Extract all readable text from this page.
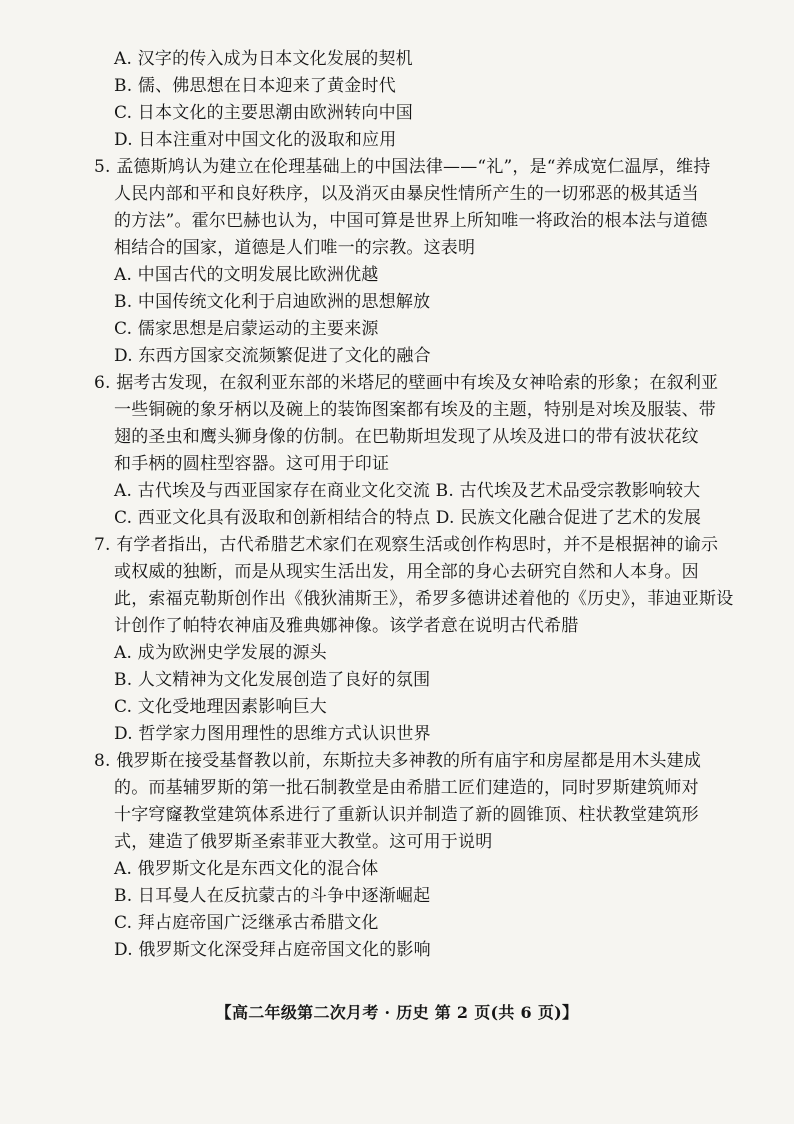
A. 汉字的传入成为日本文化发展的契机
B. 儒、佛思想在日本迎来了黄金时代
C. 日本文化的主要思潮由欧洲转向中国
D. 日本注重对中国文化的汲取和应用
5. 孟德斯鸠认为建立在伦理基础上的中国法律——“礼”，是“养成宽仁温厚，维持
人民内部和平和良好秩序，以及消灭由暴戾性情所产生的一切邪恶的极其适当
的方法”。霍尔巴赫也认为，中国可算是世界上所知唯一将政治的根本法与道德
相结合的国家，道德是人们唯一的宗教。这表明
A. 中国古代的文明发展比欧洲优越
B. 中国传统文化利于启迪欧洲的思想解放
C. 儒家思想是启蒙运动的主要来源
D. 东西方国家交流频繁促进了文化的融合
6. 据考古发现，在叙利亚东部的米塔尼的壁画中有埃及女神哈索的形象；在叙利亚
一些铜碗的象牙柄以及碗上的装饰图案都有埃及的主题，特别是对埃及服装、带
翅的圣虫和鹰头狮身像的仿制。在巴勒斯坦发现了从埃及进口的带有波状花纹
和手柄的圆柱型容器。这可用于印证
A. 古代埃及与西亚国家存在商业文化交流 B. 古代埃及艺术品受宗教影响较大
C. 西亚文化具有汲取和创新相结合的特点 D. 民族文化融合促进了艺术的发展
7. 有学者指出，古代希腊艺术家们在观察生活或创作构思时，并不是根据神的谕示
或权威的独断，而是从现实生活出发，用全部的身心去研究自然和人本身。因
此，索福克勒斯创作出《俄狄浦斯王》，希罗多德讲述着他的《历史》，菲迪亚斯设
计创作了帕特农神庙及雅典娜神像。该学者意在说明古代希腊
A. 成为欧洲史学发展的源头
B. 人文精神为文化发展创造了良好的氛围
C. 文化受地理因素影响巨大
D. 哲学家力图用理性的思维方式认识世界
8. 俄罗斯在接受基督教以前，东斯拉夫多神教的所有庙宇和房屋都是用木头建成
的。而基辅罗斯的第一批石制教堂是由希腊工匠们建造的，同时罗斯建筑师对
十字穹窿教堂建筑体系进行了重新认识并制造了新的圆锥顶、柱状教堂建筑形
式，建造了俄罗斯圣索菲亚大教堂。这可用于说明
A. 俄罗斯文化是东西文化的混合体
B. 日耳曼人在反抗蒙古的斗争中逐渐崛起
C. 拜占庭帝国广泛继承古希腊文化
D. 俄罗斯文化深受拜占庭帝国文化的影响
【高二年级第二次月考 · 历史 第 2 页(共 6 页)】
